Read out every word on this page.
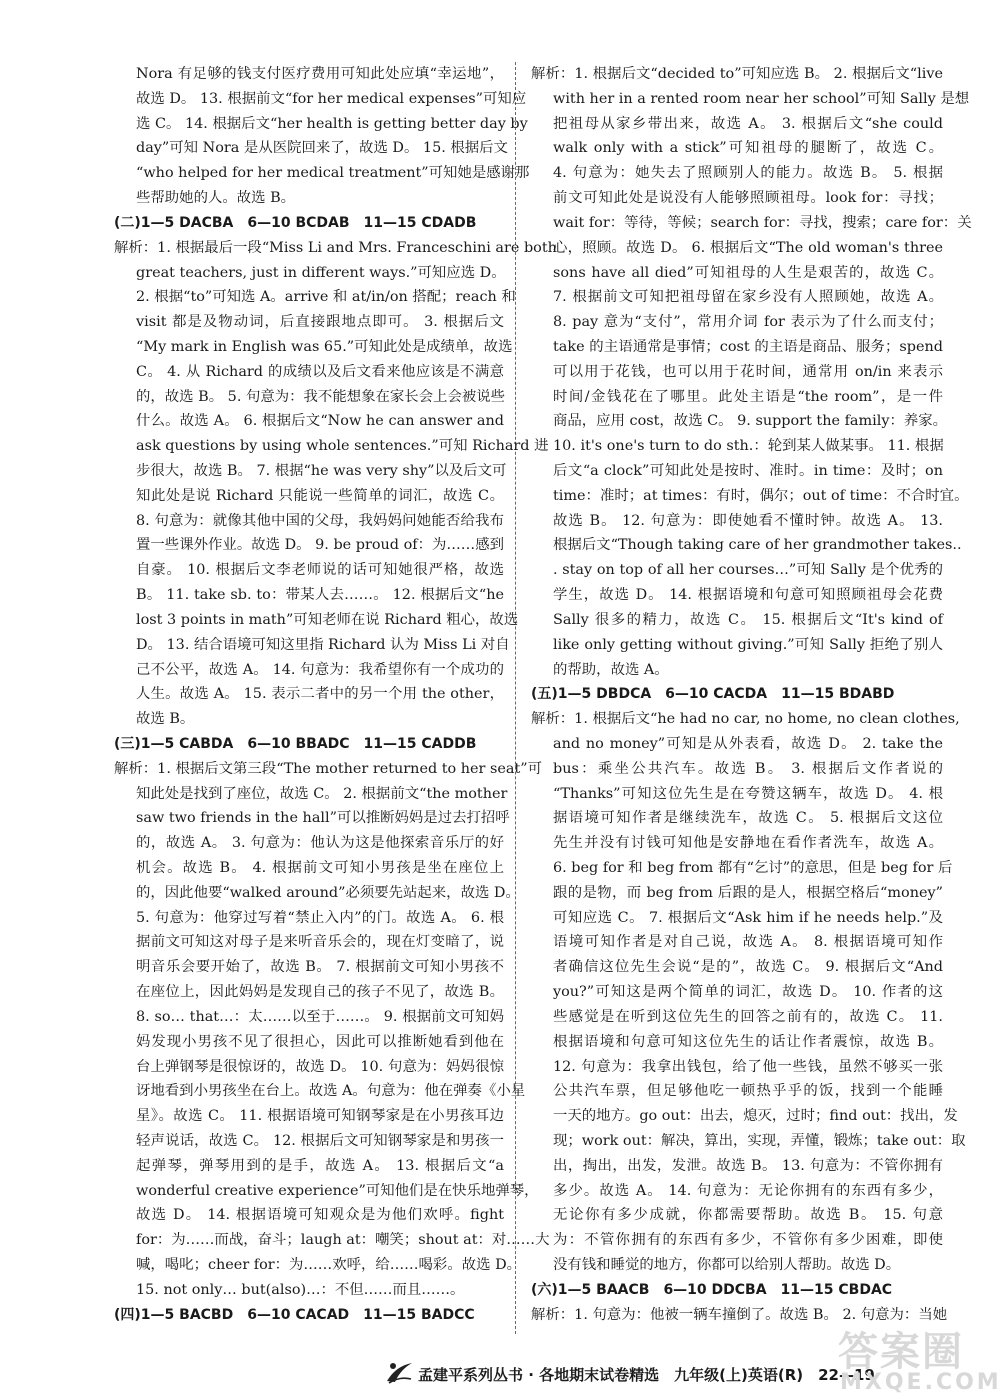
Nora 有足够的钱支付医疗费用可知此处应填“幸运地”，
故选 D。 13. 根据前文“for her medical expenses”可知应
选 C。 14. 根据后文“her health is getting better day by
day”可知 Nora 是从医院回来了，故选 D。 15. 根据后文
“who helped for her medical treatment”可知她是感谢那
些帮助她的人。故选 B。
(二)1—5 DACBA　6—10 BCDAB　11—15 CDADB
解析：1. 根据最后一段“Miss Li and Mrs. Franceschini are both
great teachers, just in different ways.”可知应选 D。
2. 根据“to”可知选 A。arrive 和 at/in/on 搭配；reach 和
visit 都是及物动词，后直接跟地点即可。 3. 根据后文
“My mark in English was 65.”可知此处是成绩单，故选
C。 4. 从 Richard 的成绩以及后文看来他应该是不满意
的，故选 B。 5. 句意为：我不能想象在家长会上会被说些
什么。故选 A。 6. 根据后文“Now he can answer and
ask questions by using whole sentences.”可知 Richard 进
步很大，故选 B。 7. 根据“he was very shy”以及后文可
知此处是说 Richard 只能说一些简单的词汇，故选 C。
8. 句意为：就像其他中国的父母，我妈妈问她能否给我布
置一些课外作业。故选 D。 9. be proud of：为……感到
自豪。 10. 根据后文李老师说的话可知她很严格，故选
B。 11. take sb. to：带某人去……。 12. 根据后文“he
lost 3 points in math”可知老师在说 Richard 粗心，故选
D。 13. 结合语境可知这里指 Richard 认为 Miss Li 对自
己不公平，故选 A。 14. 句意为：我希望你有一个成功的
人生。故选 A。 15. 表示二者中的另一个用 the other，
故选 B。
(三)1—5 CABDA　6—10 BBADC　11—15 CADDB
解析：1. 根据后文第三段“The mother returned to her seat”可
知此处是找到了座位，故选 C。 2. 根据前文“the mother
saw two friends in the hall”可以推断妈妈是过去打招呼
的，故选 A。 3. 句意为：他认为这是他探索音乐厅的好
机会。故选 B。 4. 根据前文可知小男孩是坐在座位上
的，因此他要“walked around”必须要先站起来，故选 D。
5. 句意为：他穿过写着“禁止入内”的门。故选 A。 6. 根
据前文可知这对母子是来听音乐会的，现在灯变暗了，说
明音乐会要开始了，故选 B。 7. 根据前文可知小男孩不
在座位上，因此妈妈是发现自己的孩子不见了，故选 B。
8. so… that…：太……以至于……。 9. 根据前文可知妈
妈发现小男孩不见了很担心，因此可以推断她看到他在
台上弹钢琴是很惊讶的，故选 D。 10. 句意为：妈妈很惊
讶地看到小男孩坐在台上。故选 A。句意为：他在弹奏《小星
星》。故选 C。 11. 根据语境可知钢琴家是在小男孩耳边
轻声说话，故选 C。 12. 根据后文可知钢琴家是和男孩一
起弹琴，弹琴用到的是手，故选 A。 13. 根据后文“a
wonderful creative experience”可知他们是在快乐地弹琴，
故选 D。 14. 根据语境可知观众是为他们欢呼。fight
for：为……而战，奋斗；laugh at：嘲笑；shout at：对……大
喊，喝叱；cheer for：为……欢呼，给……喝彩。故选 D。
15. not only… but(also)…：不但……而且……。
(四)1—5 BACBD　6—10 CACAD　11—15 BADCC
解析：1. 根据后文“decided to”可知应选 B。 2. 根据后文“live
with her in a rented room near her school”可知 Sally 是想
把祖母从家乡带出来，故选 A。 3. 根据后文“she could
walk only with a stick”可知祖母的腿断了，故选 C。
4. 句意为：她失去了照顾别人的能力。故选 B。 5. 根据
前文可知此处是说没有人能够照顾祖母。look for：寻找；
wait for：等待，等候；search for：寻找，搜索；care for：关
心，照顾。故选 D。 6. 根据后文“The old woman's three
sons have all died”可知祖母的人生是艰苦的，故选 C。
7. 根据前文可知把祖母留在家乡没有人照顾她，故选 A。
8. pay 意为“支付”，常用介词 for 表示为了什么而支付；
take 的主语通常是事情；cost 的主语是商品、服务；spend
可以用于花钱，也可以用于花时间，通常用 on/in 来表示
时间/金钱花在了哪里。此处主语是“the room”，是一件
商品，应用 cost，故选 C。 9. support the family：养家。
10. it's one's turn to do sth.：轮到某人做某事。 11. 根据
后文“a clock”可知此处是按时、准时。in time：及时；on
time：准时；at times：有时，偶尔；out of time：不合时宜。
故选 B。 12. 句意为：即使她看不懂时钟。故选 A。 13.
根据后文“Though taking care of her grandmother takes..
. stay on top of all her courses…”可知 Sally 是个优秀的
学生，故选 D。 14. 根据语境和句意可知照顾祖母会花费
Sally 很多的精力，故选 C。 15. 根据后文“It's kind of
like only getting without giving.”可知 Sally 拒绝了别人
的帮助，故选 A。
(五)1—5 DBDCA　6—10 CACDA　11—15 BDABD
解析：1. 根据后文“he had no car, no home, no clean clothes,
and no money”可知是从外表看，故选 D。 2. take the
bus：乘坐公共汽车。故选 B。 3. 根据后文作者说的
“Thanks”可知这位先生是在夸赞这辆车，故选 D。 4. 根
据语境可知作者是继续洗车，故选 C。 5. 根据后文这位
先生并没有讨钱可知他是安静地在看作者洗车，故选 A。
6. beg for 和 beg from 都有“乞讨”的意思，但是 beg for 后
跟的是物，而 beg from 后跟的是人，根据空格后“money”
可知应选 C。 7. 根据后文“Ask him if he needs help.”及
语境可知作者是对自己说，故选 A。 8. 根据语境可知作
者确信这位先生会说“是的”，故选 C。 9. 根据后文“And
you?”可知这是两个简单的词汇，故选 D。 10. 作者的这
些感觉是在听到这位先生的回答之前有的，故选 C。 11.
根据语境和句意可知这位先生的话让作者震惊，故选 B。
12. 句意为：我拿出钱包，给了他一些钱，虽然不够买一张
公共汽车票，但足够他吃一顿热乎乎的饭，找到一个能睡
一天的地方。go out：出去，熄灭，过时；find out：找出，发
现；work out：解决，算出，实现，弄懂，锻炼；take out：取
出，掏出，出发，发泄。故选 B。 13. 句意为：不管你拥有
多少。故选 A。 14. 句意为：无论你拥有的东西有多少，
无论你有多少成就，你都需要帮助。故选 B。 15. 句意
为：不管你拥有的东西有多少，不管你有多少困难，即使
没有钱和睡觉的地方，你都可以给别人帮助。故选 D。
(六)1—5 BAACB　6—10 DDCBA　11—15 CBDAC
解析：1. 句意为：他被一辆车撞倒了。故选 B。 2. 句意为：当她
孟建平系列丛书 · 各地期末试卷精选　九年级(上)英语(R)　22—19
答案圈
MXQE.COM
